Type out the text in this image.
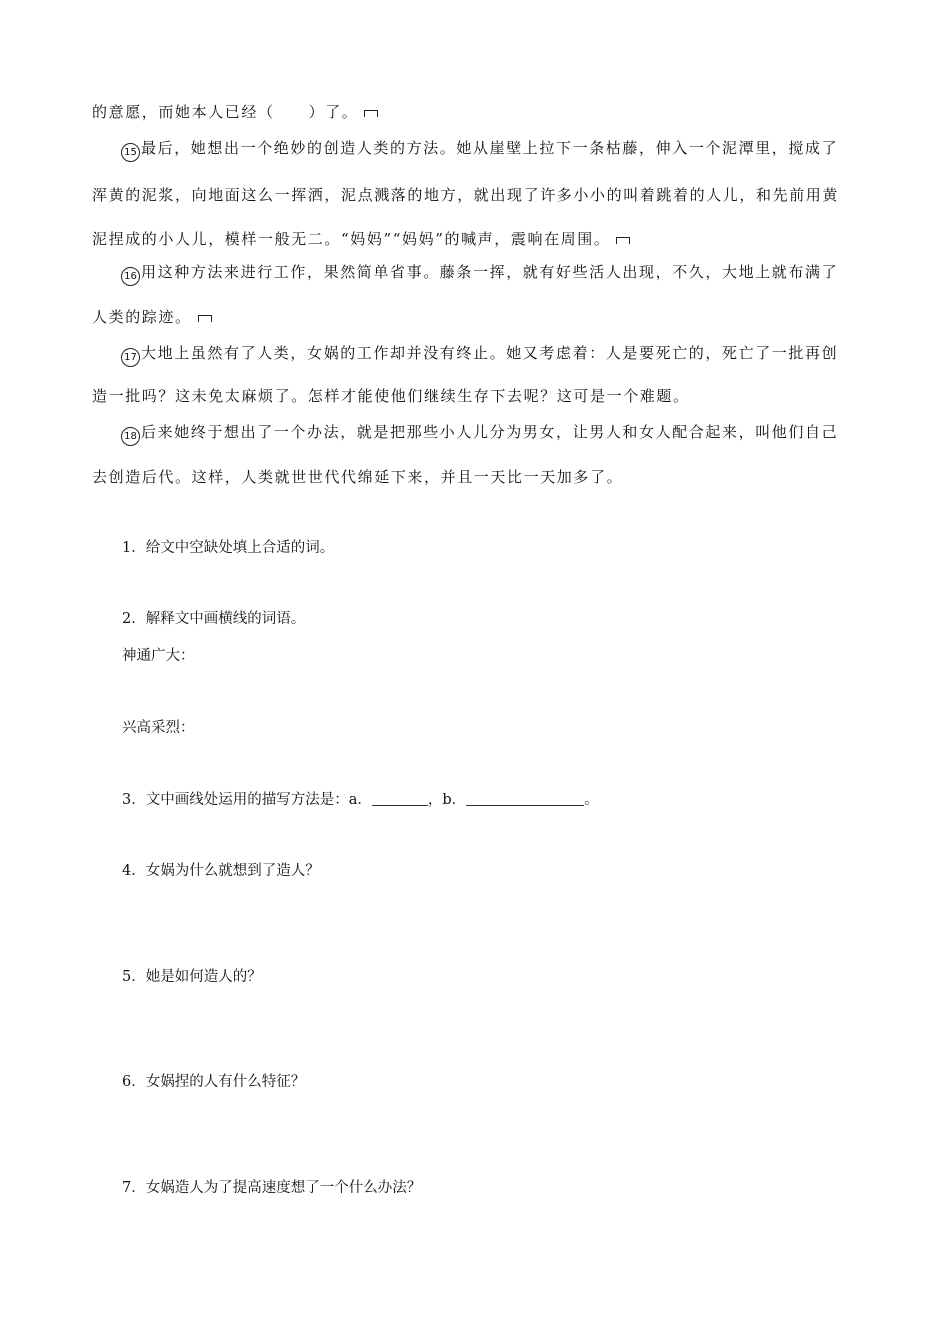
的意愿，而她本人已经（ ）了。
15 最后，她想出一个绝妙的创造人类的方法。她从崖壁上拉下一条枯藤，伸入一个泥潭里，搅成了
浑黄的泥浆，向地面这么一挥洒，泥点溅落的地方，就出现了许多小小的叫着跳着的人儿，和先前用黄
泥捏成的小人儿，模样一般无二。“妈妈”“妈妈”的喊声，震响在周围。
16 用这种方法来进行工作，果然简单省事。藤条一挥，就有好些活人出现，不久，大地上就布满了
人类的踪迹。
17 大地上虽然有了人类，女娲的工作却并没有终止。她又考虑着：人是要死亡的，死亡了一批再创
造一批吗？这未免太麻烦了。怎样才能使他们继续生存下去呢？这可是一个难题。
18 后来她终于想出了一个办法，就是把那些小人儿分为男女，让男人和女人配合起来，叫他们自己
去创造后代。这样，人类就世世代代绵延下来，并且一天比一天加多了。
1．给文中空缺处填上合适的词。
2．解释文中画横线的词语。
神通广大：
兴高采烈：
3．文中画线处运用的描写方法是：a．	，b．	。
4．女娲为什么就想到了造人？
5．她是如何造人的？
6．女娲捏的人有什么特征？
7．女娲造人为了提高速度想了一个什么办法？
